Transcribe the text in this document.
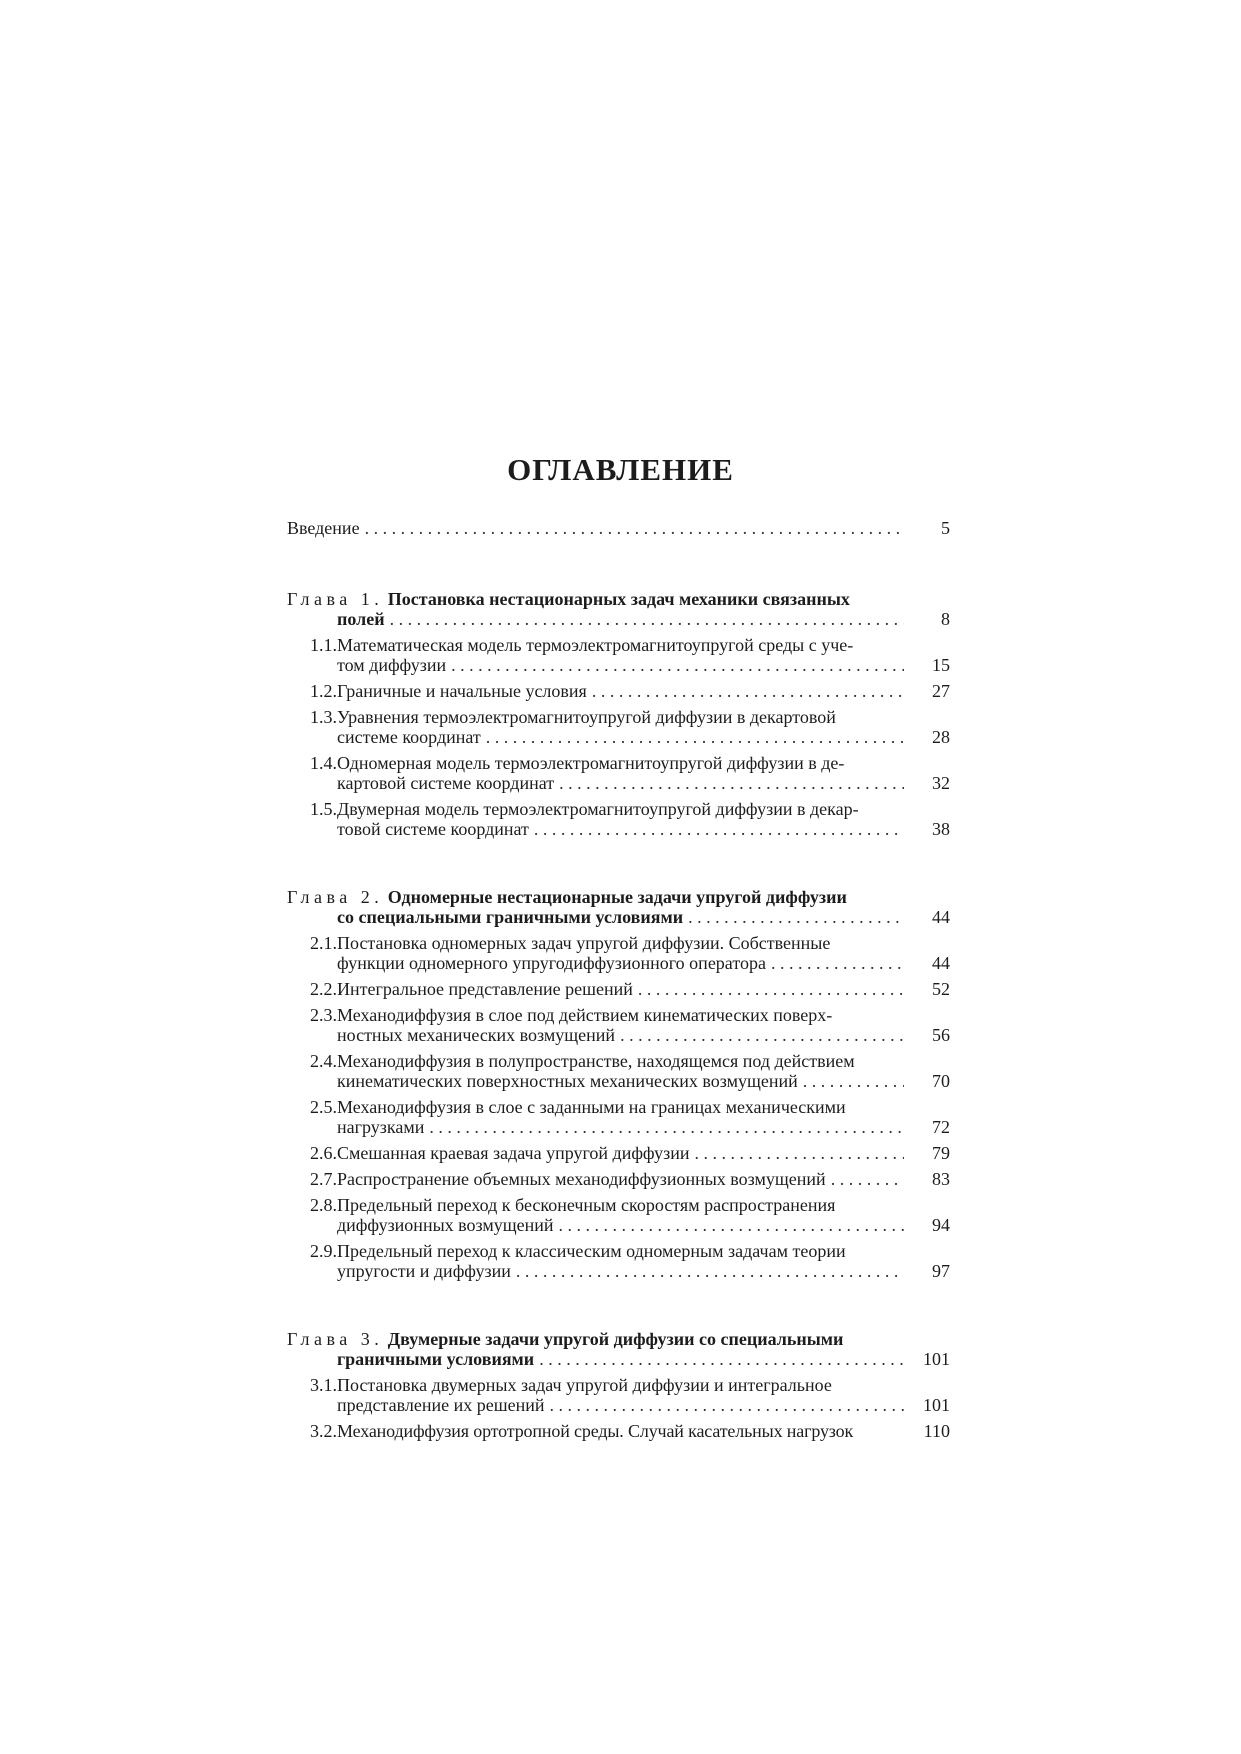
ОГЛАВЛЕНИЕ
Введение . . .	5
Глава 1. Постановка нестационарных задач механики связанных
полей . . .	8
1.1. Математическая модель термоэлектромагнитоупругой среды с уче-
том диффузии . . .	15
1.2. Граничные и начальные условия . . .	27
1.3. Уравнения термоэлектромагнитоупругой диффузии в декартовой
системе координат . . .	28
1.4. Одномерная модель термоэлектромагнитоупругой диффузии в де-
картовой системе координат . . .	32
1.5. Двумерная модель термоэлектромагнитоупругой диффузии в декар-
товой системе координат . . .	38
Глава 2. Одномерные нестационарные задачи упругой диффузии
со специальными граничными условиями . . .	44
2.1. Постановка одномерных задач упругой диффузии. Собственные
функции одномерного упругодиффузионного оператора . . .	44
2.2. Интегральное представление решений . . .	52
2.3. Механодиффузия в слое под действием кинематических поверх-
ностных механических возмущений . . .	56
2.4. Механодиффузия в полупространстве, находящемся под действием
кинематических поверхностных механических возмущений . . .	70
2.5. Механодиффузия в слое с заданными на границах механическими
нагрузками . . .	72
2.6. Смешанная краевая задача упругой диффузии . . .	79
2.7. Распространение объемных механодиффузионных возмущений . . .	83
2.8. Предельный переход к бесконечным скоростям распространения
диффузионных возмущений . . .	94
2.9. Предельный переход к классическим одномерным задачам теории
упругости и диффузии . . .	97
Глава 3. Двумерные задачи упругой диффузии со специальными
граничными условиями . . .	101
3.1. Постановка двумерных задач упругой диффузии и интегральное
представление их решений . . .	101
3.2. Механодиффузия ортотропной среды. Случай касательных нагрузок	110
